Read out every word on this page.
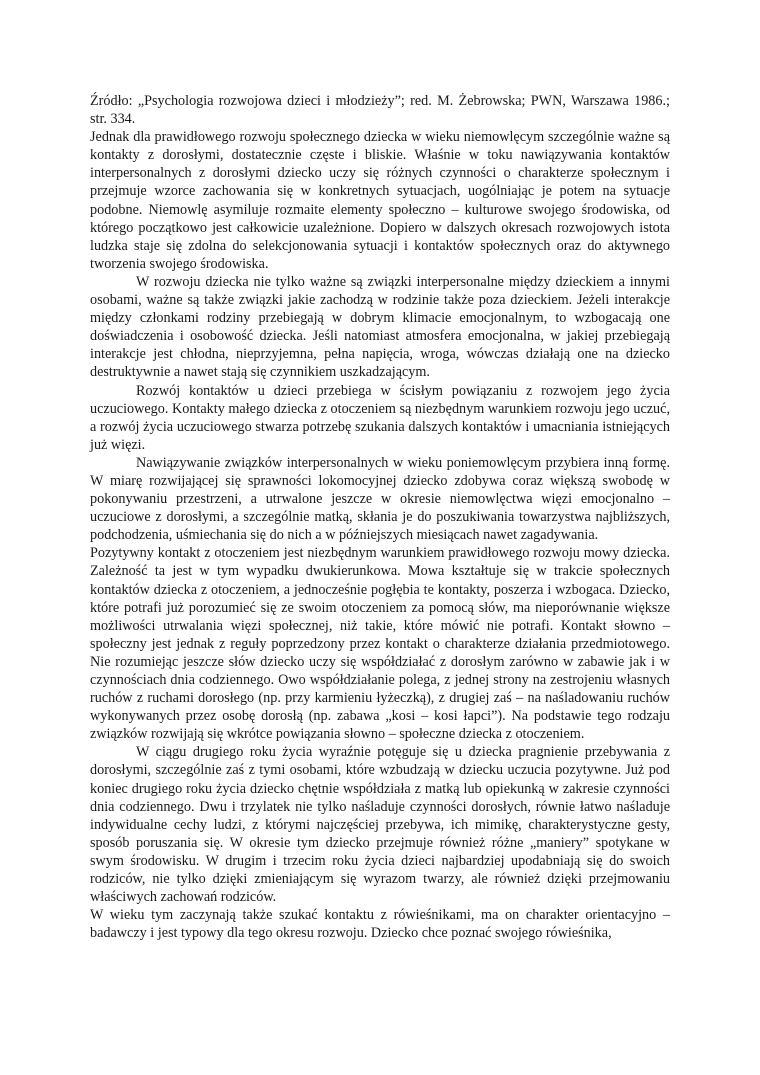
Źródło: „Psychologia rozwojowa dzieci i młodzieży”; red. M. Żebrowska; PWN, Warszawa 1986.; str. 334.

Jednak dla prawidłowego rozwoju społecznego dziecka w wieku niemowlęcym szczególnie ważne są kontakty z dorosłymi, dostatecznie częste i bliskie. Właśnie w toku nawiązywania kontaktów interpersonalnych z dorosłymi dziecko uczy się różnych czynności o charakterze społecznym i przejmuje wzorce zachowania się w konkretnych sytuacjach, uogólniając je potem na sytuacje podobne. Niemowlę asymiluje rozmaite elementy społeczno – kulturowe swojego środowiska, od którego początkowo jest całkowicie uzależnione. Dopiero w dalszych okresach rozwojowych istota ludzka staje się zdolna do selekcjonowania sytuacji i kontaktów społecznych oraz do aktywnego tworzenia swojego środowiska.

W rozwoju dziecka nie tylko ważne są związki interpersonalne między dzieckiem a innymi osobami, ważne są także związki jakie zachodzą w rodzinie także poza dzieckiem. Jeżeli interakcje między członkami rodziny przebiegają w dobrym klimacie emocjonalnym, to wzbogacają one doświadczenia i osobowość dziecka. Jeśli natomiast atmosfera emocjonalna, w jakiej przebiegają interakcje jest chłodna, nieprzyjemna, pełna napięcia, wroga, wówczas działają one na dziecko destruktywnie a nawet stają się czynnikiem uszkadzającym.

Rozwój kontaktów u dzieci przebiega w ścisłym powiązaniu z rozwojem jego życia uczuciowego. Kontakty małego dziecka z otoczeniem są niezbędnym warunkiem rozwoju jego uczuć, a rozwój życia uczuciowego stwarza potrzebę szukania dalszych kontaktów i umacniania istniejących już więzi.

Nawiązywanie związków interpersonalnych w wieku poniemowlęcym przybiera inną formę. W miarę rozwijającej się sprawności lokomocyjnej dziecko zdobywa coraz większą swobodę w pokonywaniu przestrzeni, a utrwalone jeszcze w okresie niemowlęctwa więzi emocjonalno – uczuciowe z dorosłymi, a szczególnie matką, skłania je do poszukiwania towarzystwa najbliższych, podchodzenia, uśmiechania się do nich a w późniejszych miesiącach nawet zagadywania.

Pozytywny kontakt z otoczeniem jest niezbędnym warunkiem prawidłowego rozwoju mowy dziecka. Zależność ta jest w tym wypadku dwukierunkowa. Mowa kształtuje się w trakcie społecznych kontaktów dziecka z otoczeniem, a jednocześnie pogłębia te kontakty, poszerza i wzbogaca. Dziecko, które potrafi już porozumieć się ze swoim otoczeniem za pomocą słów, ma nieporównanie większe możliwości utrwalania więzi społecznej, niż takie, które mówić nie potrafi. Kontakt słowno – społeczny jest jednak z reguły poprzedzony przez kontakt o charakterze działania przedmiotowego. Nie rozumiejąc jeszcze słów dziecko uczy się współdziałać z dorosłym zarówno w zabawie jak i w czynnościach dnia codziennego. Owo współdziałanie polega, z jednej strony na zestrojeniu własnych ruchów z ruchami dorosłego (np. przy karmieniu łyżeczką), z drugiej zaś – na naśladowaniu ruchów wykonywanych przez osobę dorosłą (np. zabawa „kosi – kosi łapci”). Na podstawie tego rodzaju związków rozwijają się wkrótce powiązania słowno – społeczne dziecka z otoczeniem.

W ciągu drugiego roku życia wyraźnie potęguje się u dziecka pragnienie przebywania z dorosłymi, szczególnie zaś z tymi osobami, które wzbudzają w dziecku uczucia pozytywne. Już pod koniec drugiego roku życia dziecko chętnie współdziała z matką lub opiekunką w zakresie czynności dnia codziennego. Dwu i trzylatek nie tylko naśladuje czynności dorosłych, równie łatwo naśladuje indywidualne cechy ludzi, z którymi najczęściej przebywa, ich mimikę, charakterystyczne gesty, sposób poruszania się. W okresie tym dziecko przejmuje również różne „maniery” spotykane w swym środowisku. W drugim i trzecim roku życia dzieci najbardziej upodabniają się do swoich rodziców, nie tylko dzięki zmieniającym się wyrazom twarzy, ale również dzięki przejmowaniu właściwych zachowań rodziców.

W wieku tym zaczynają także szukać kontaktu z rówieśnikami, ma on charakter orientacyjno – badawczy i jest typowy dla tego okresu rozwoju. Dziecko chce poznać swojego rówieśnika,
